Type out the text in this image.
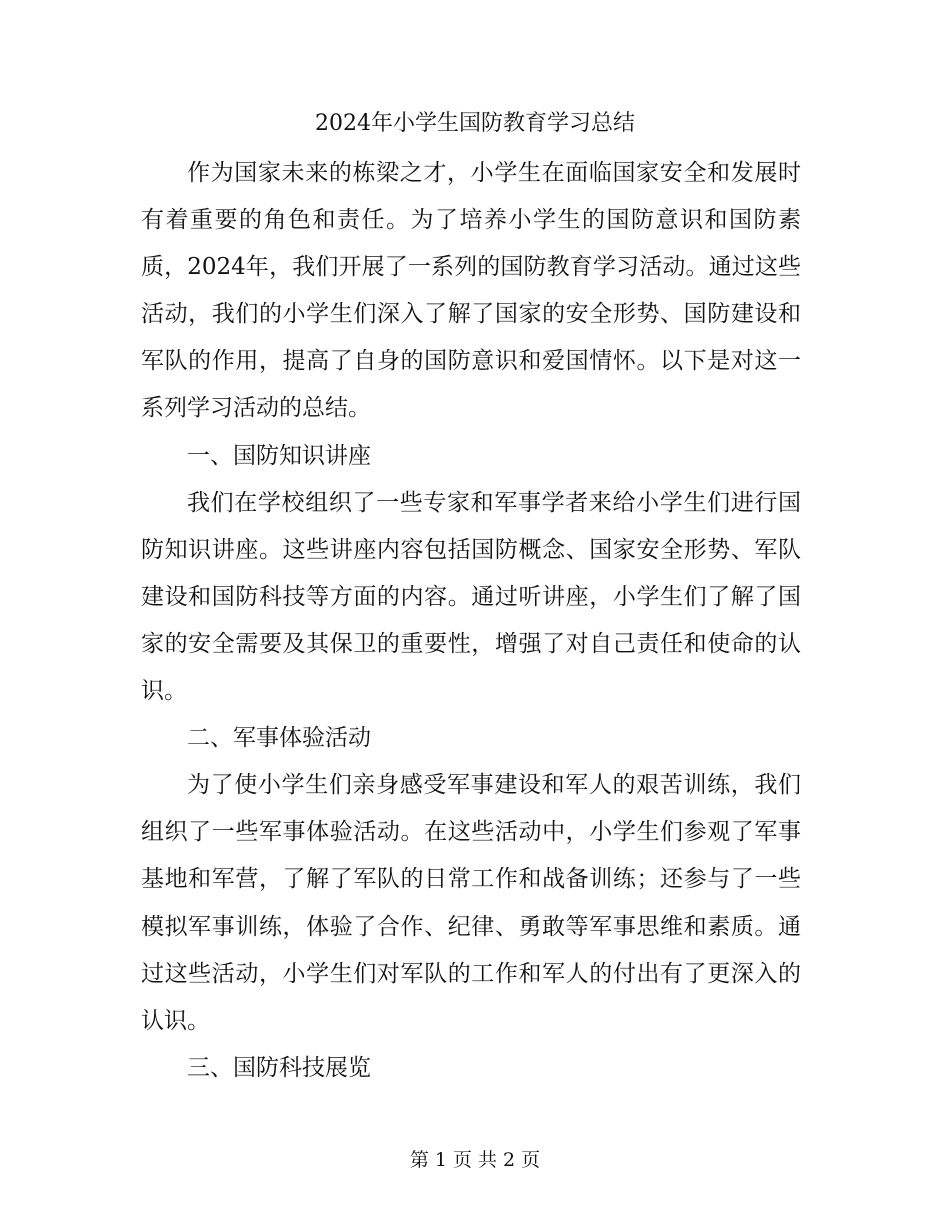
2024年小学生国防教育学习总结

作为国家未来的栋梁之才，小学生在面临国家安全和发展时有着重要的角色和责任。为了培养小学生的国防意识和国防素质，2024年，我们开展了一系列的国防教育学习活动。通过这些活动，我们的小学生们深入了解了国家的安全形势、国防建设和军队的作用，提高了自身的国防意识和爱国情怀。以下是对这一系列学习活动的总结。

一、国防知识讲座

我们在学校组织了一些专家和军事学者来给小学生们进行国防知识讲座。这些讲座内容包括国防概念、国家安全形势、军队建设和国防科技等方面的内容。通过听讲座，小学生们了解了国家的安全需要及其保卫的重要性，增强了对自己责任和使命的认识。

二、军事体验活动

为了使小学生们亲身感受军事建设和军人的艰苦训练，我们组织了一些军事体验活动。在这些活动中，小学生们参观了军事基地和军营，了解了军队的日常工作和战备训练；还参与了一些模拟军事训练，体验了合作、纪律、勇敢等军事思维和素质。通过这些活动，小学生们对军队的工作和军人的付出有了更深入的认识。

三、国防科技展览

第 1 页 共 2 页
